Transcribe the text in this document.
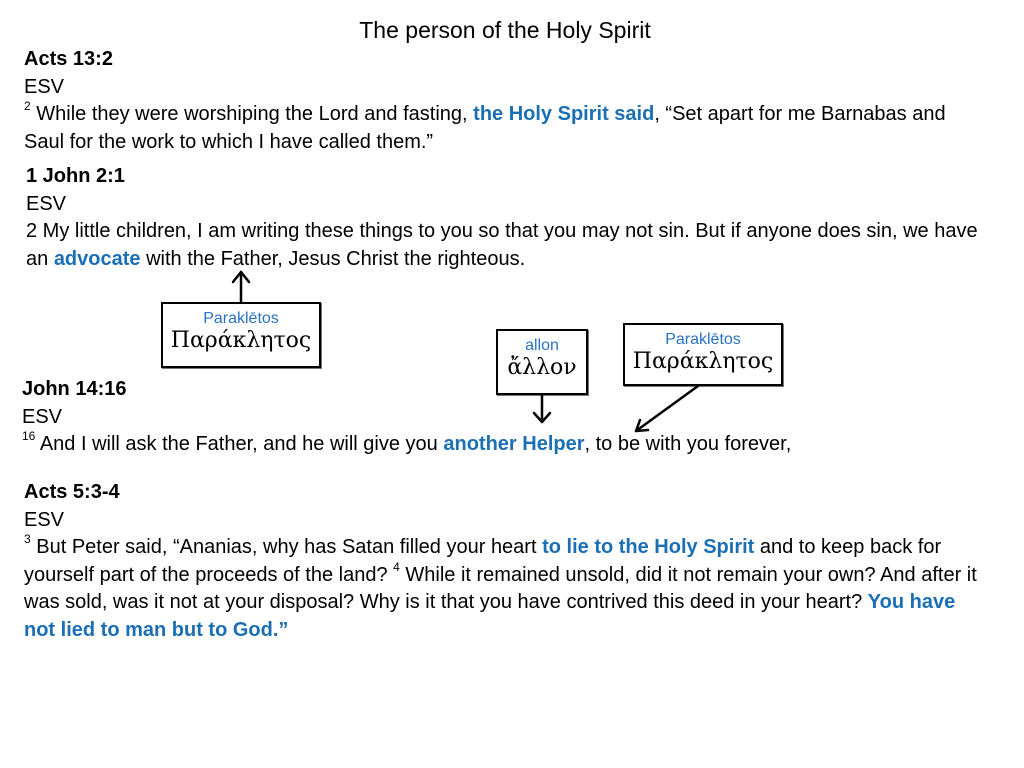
The person of the Holy Spirit
Acts 13:2
ESV

$^2$ While they were worshiping the Lord and fasting, the Holy Spirit said, “Set apart for me Barnabas and Saul for the work to which I have called them.”

1 John 2:1
ESV

2 My little children, I am writing these things to you so that you may not sin. But if anyone does sin, we have an advocate with the Father, Jesus Christ the righteous.

Paraklētos
Παράκλητος	allon
ἄλλον
Paraklētos
Παράκλητος
John 14:16
ESV

$^{16}$ And I will ask the Father, and he will give you another Helper, to be with you forever,

Acts 5:3-4
ESV

$^3$ But Peter said, “Ananias, why has Satan filled your heart to lie to the Holy Spirit and to keep back for yourself part of the proceeds of the land? $^4$ While it remained unsold, did it not remain your own? And after it was sold, was it not at your disposal? Why is it that you have contrived this deed in your heart? You have not lied to man but to God.”
